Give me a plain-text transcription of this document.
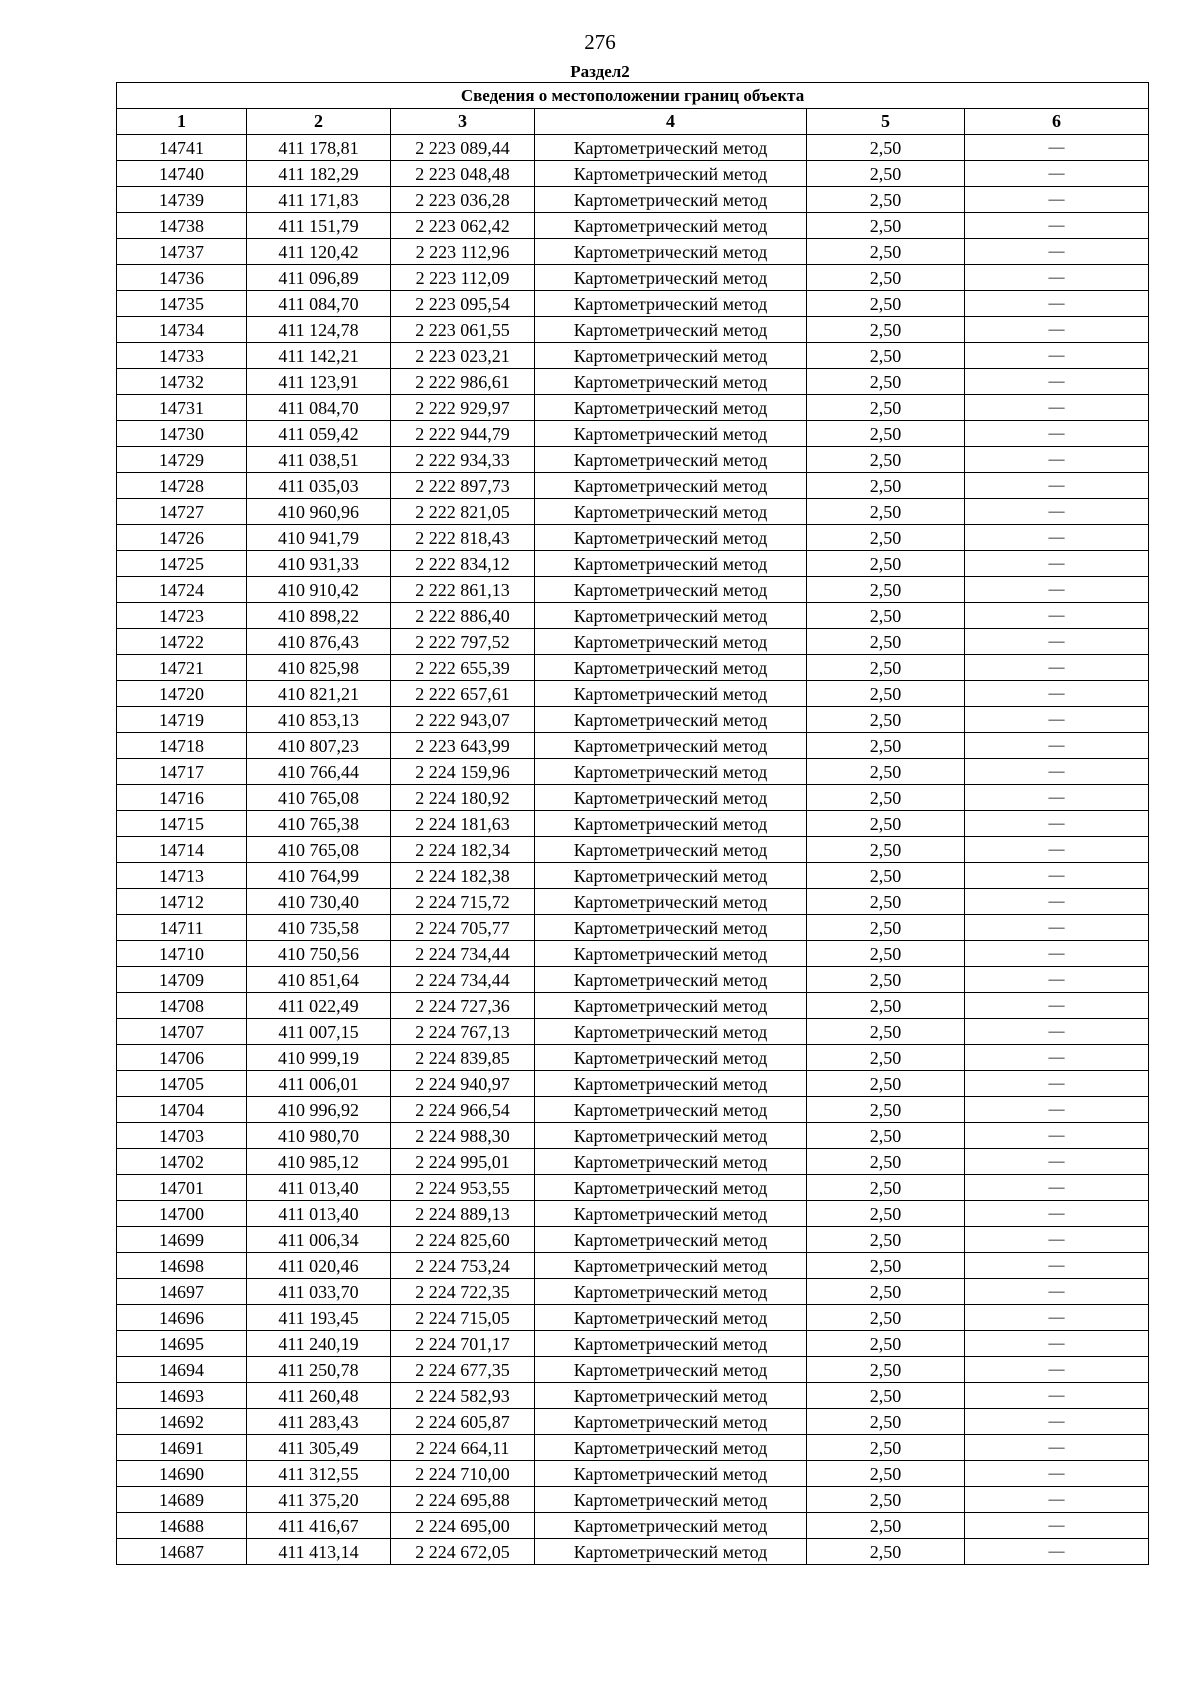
276
Раздел2
Сведения о местоположении границ объекта					
1	2	3	4	5	6
14741	411 178,81	2 223 089,44	Картометрический метод	2,50	—
14740	411 182,29	2 223 048,48	Картометрический метод	2,50	—
14739	411 171,83	2 223 036,28	Картометрический метод	2,50	—
14738	411 151,79	2 223 062,42	Картометрический метод	2,50	—
14737	411 120,42	2 223 112,96	Картометрический метод	2,50	—
14736	411 096,89	2 223 112,09	Картометрический метод	2,50	—
14735	411 084,70	2 223 095,54	Картометрический метод	2,50	—
14734	411 124,78	2 223 061,55	Картометрический метод	2,50	—
14733	411 142,21	2 223 023,21	Картометрический метод	2,50	—
14732	411 123,91	2 222 986,61	Картометрический метод	2,50	—
14731	411 084,70	2 222 929,97	Картометрический метод	2,50	—
14730	411 059,42	2 222 944,79	Картометрический метод	2,50	—
14729	411 038,51	2 222 934,33	Картометрический метод	2,50	—
14728	411 035,03	2 222 897,73	Картометрический метод	2,50	—
14727	410 960,96	2 222 821,05	Картометрический метод	2,50	—
14726	410 941,79	2 222 818,43	Картометрический метод	2,50	—
14725	410 931,33	2 222 834,12	Картометрический метод	2,50	—
14724	410 910,42	2 222 861,13	Картометрический метод	2,50	—
14723	410 898,22	2 222 886,40	Картометрический метод	2,50	—
14722	410 876,43	2 222 797,52	Картометрический метод	2,50	—
14721	410 825,98	2 222 655,39	Картометрический метод	2,50	—
14720	410 821,21	2 222 657,61	Картометрический метод	2,50	—
14719	410 853,13	2 222 943,07	Картометрический метод	2,50	—
14718	410 807,23	2 223 643,99	Картометрический метод	2,50	—
14717	410 766,44	2 224 159,96	Картометрический метод	2,50	—
14716	410 765,08	2 224 180,92	Картометрический метод	2,50	—
14715	410 765,38	2 224 181,63	Картометрический метод	2,50	—
14714	410 765,08	2 224 182,34	Картометрический метод	2,50	—
14713	410 764,99	2 224 182,38	Картометрический метод	2,50	—
14712	410 730,40	2 224 715,72	Картометрический метод	2,50	—
14711	410 735,58	2 224 705,77	Картометрический метод	2,50	—
14710	410 750,56	2 224 734,44	Картометрический метод	2,50	—
14709	410 851,64	2 224 734,44	Картометрический метод	2,50	—
14708	411 022,49	2 224 727,36	Картометрический метод	2,50	—
14707	411 007,15	2 224 767,13	Картометрический метод	2,50	—
14706	410 999,19	2 224 839,85	Картометрический метод	2,50	—
14705	411 006,01	2 224 940,97	Картометрический метод	2,50	—
14704	410 996,92	2 224 966,54	Картометрический метод	2,50	—
14703	410 980,70	2 224 988,30	Картометрический метод	2,50	—
14702	410 985,12	2 224 995,01	Картометрический метод	2,50	—
14701	411 013,40	2 224 953,55	Картометрический метод	2,50	—
14700	411 013,40	2 224 889,13	Картометрический метод	2,50	—
14699	411 006,34	2 224 825,60	Картометрический метод	2,50	—
14698	411 020,46	2 224 753,24	Картометрический метод	2,50	—
14697	411 033,70	2 224 722,35	Картометрический метод	2,50	—
14696	411 193,45	2 224 715,05	Картометрический метод	2,50	—
14695	411 240,19	2 224 701,17	Картометрический метод	2,50	—
14694	411 250,78	2 224 677,35	Картометрический метод	2,50	—
14693	411 260,48	2 224 582,93	Картометрический метод	2,50	—
14692	411 283,43	2 224 605,87	Картометрический метод	2,50	—
14691	411 305,49	2 224 664,11	Картометрический метод	2,50	—
14690	411 312,55	2 224 710,00	Картометрический метод	2,50	—
14689	411 375,20	2 224 695,88	Картометрический метод	2,50	—
14688	411 416,67	2 224 695,00	Картометрический метод	2,50	—
14687	411 413,14	2 224 672,05	Картометрический метод	2,50	—
